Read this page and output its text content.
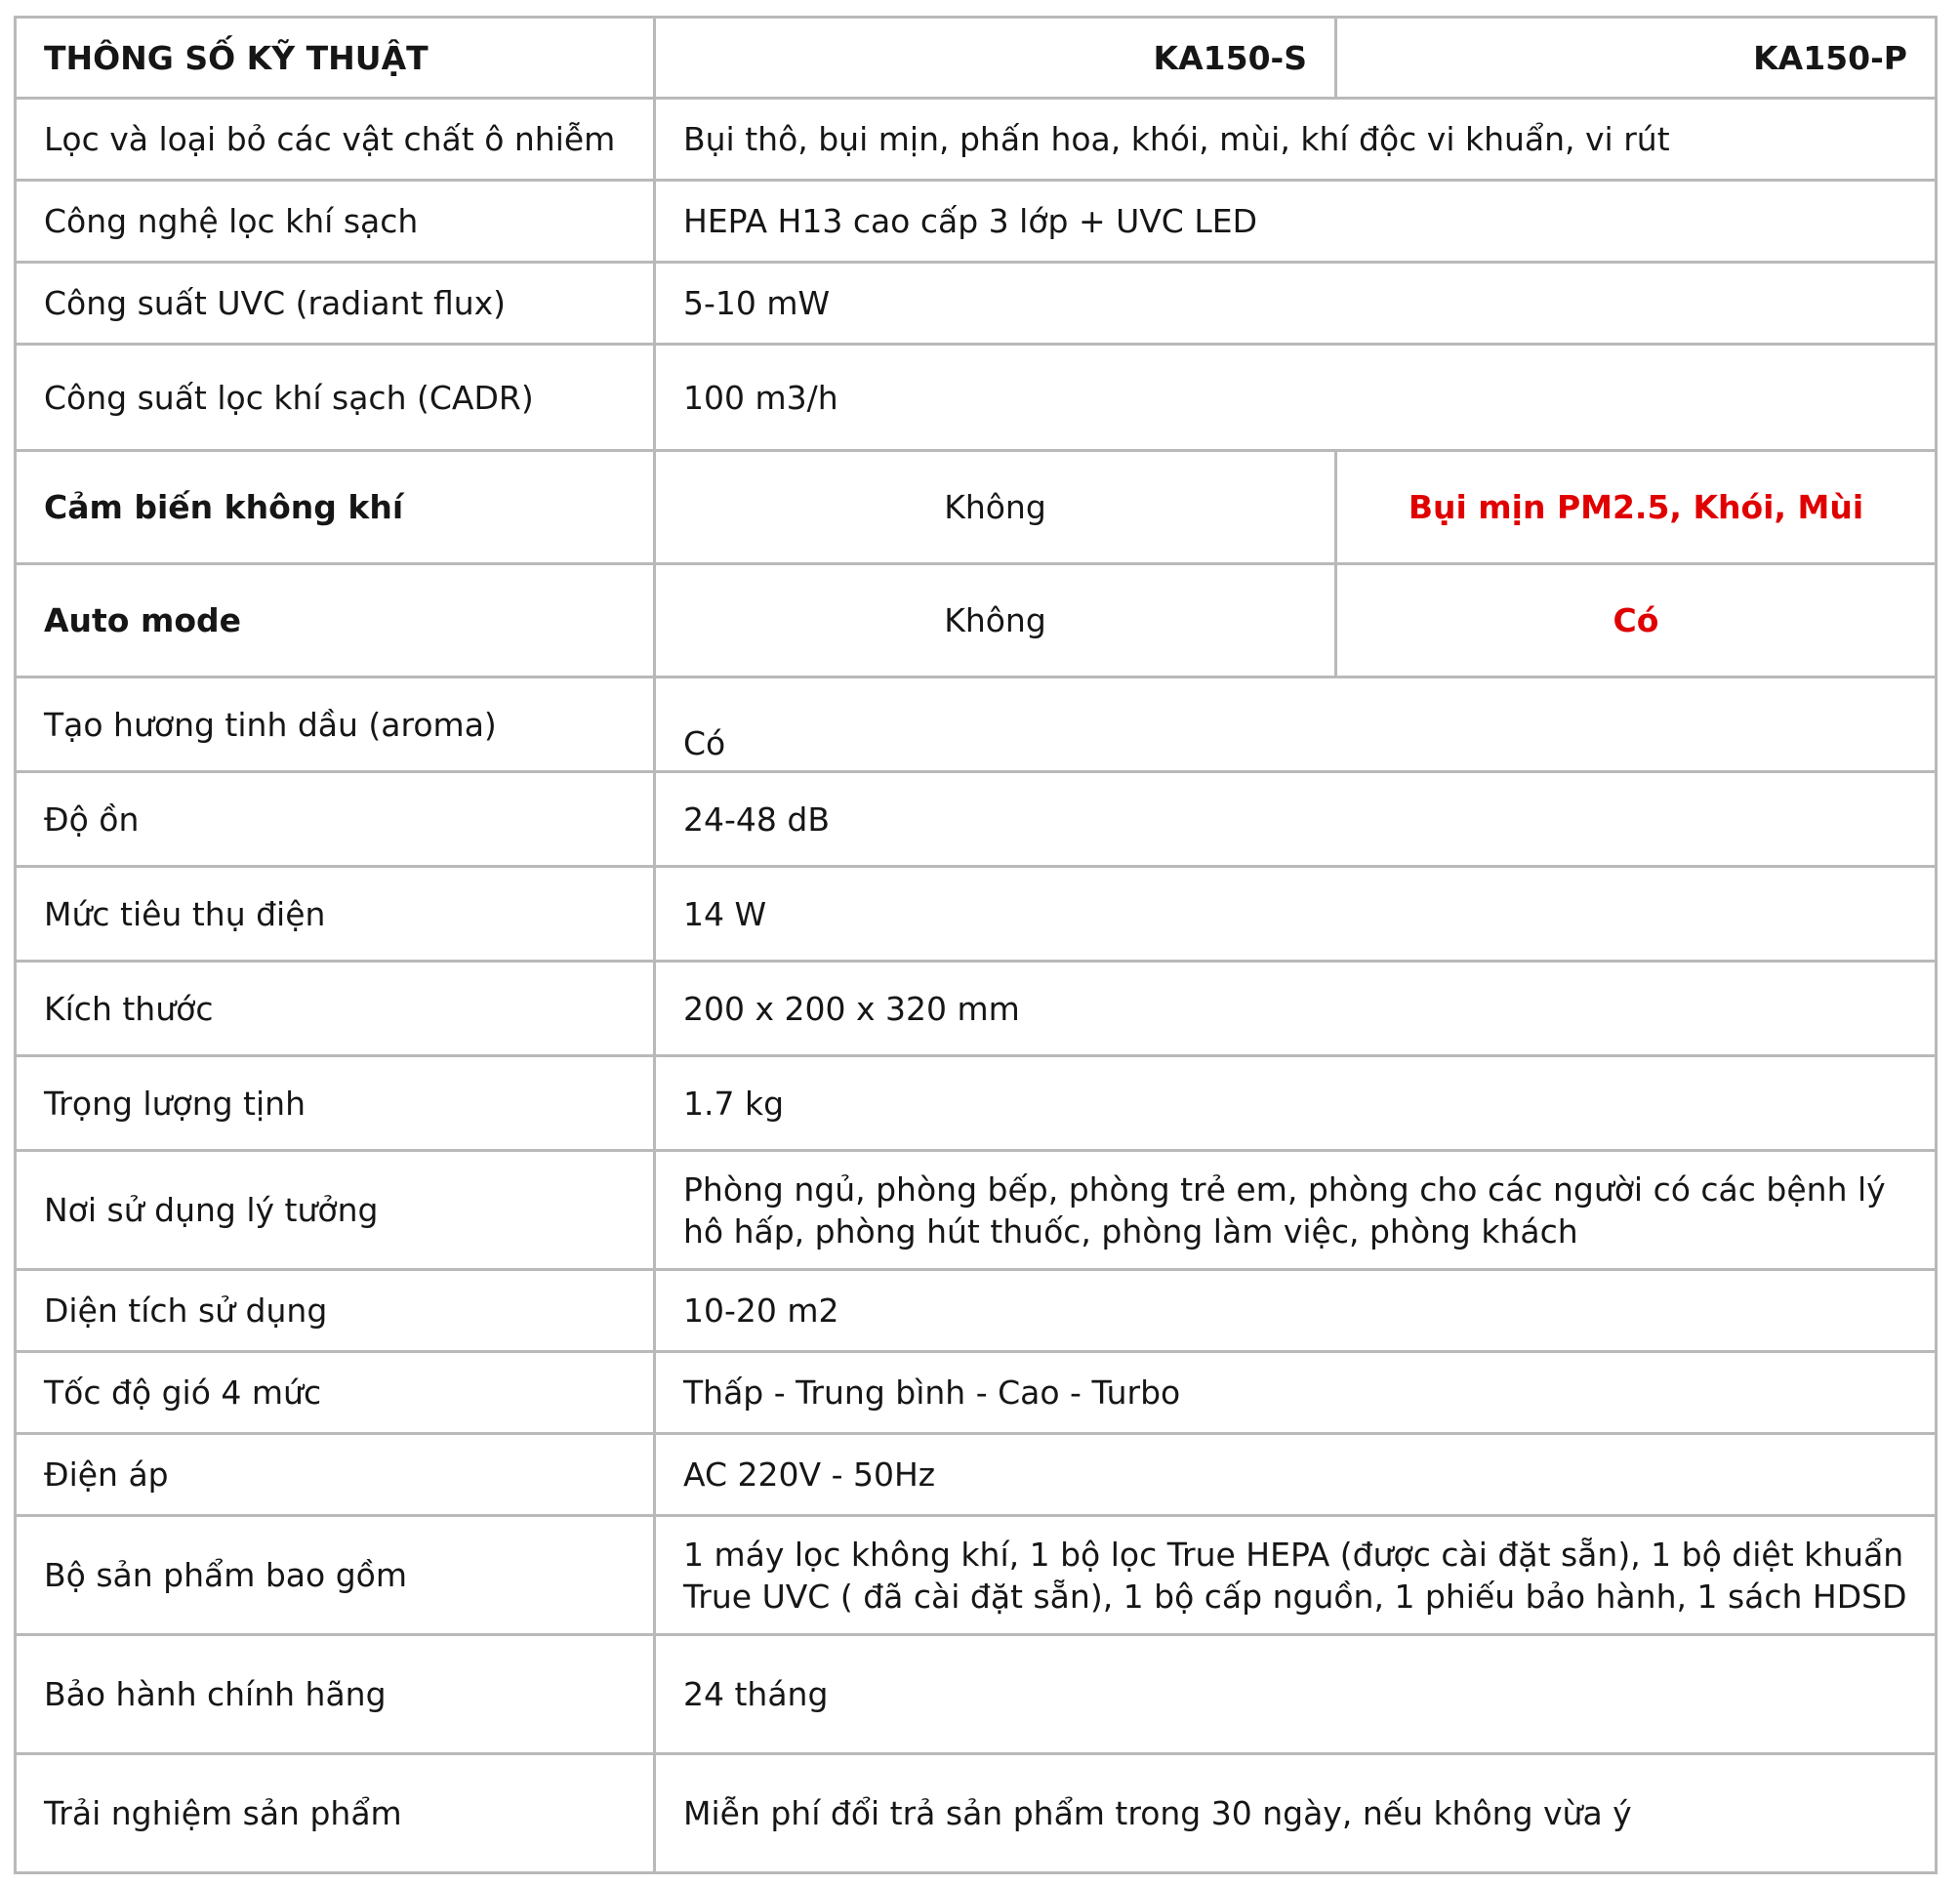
THÔNG SỐ KỸ THUẬT	KA150-S	KA150-P
Lọc và loại bỏ các vật chất ô nhiễm	Bụi thô, bụi mịn, phấn hoa, khói, mùi, khí độc vi khuẩn, vi rút	
Công nghệ lọc khí sạch	HEPA H13 cao cấp 3 lớp + UVC LED	
Công suất UVC (radiant flux)	5-10 mW	
Công suất lọc khí sạch (CADR)	100 m3/h	
Cảm biến không khí	Không	Bụi mịn PM2.5, Khói, Mùi
Auto mode	Không	Có
Tạo hương tinh dầu (aroma)	Có	
Độ ồn	24-48 dB	
Mức tiêu thụ điện	14 W	
Kích thước	200 x 200 x 320 mm	
Trọng lượng tịnh	1.7 kg	
Nơi sử dụng lý tưởng	Phòng ngủ, phòng bếp, phòng trẻ em, phòng cho các người có các bệnh lý hô hấp, phòng hút thuốc, phòng làm việc, phòng khách	
Diện tích sử dụng	10-20 m2	
Tốc độ gió 4 mức	Thấp - Trung bình - Cao - Turbo	
Điện áp	AC 220V - 50Hz	
Bộ sản phẩm bao gồm	1 máy lọc không khí, 1 bộ lọc True HEPA (được cài đặt sẵn), 1 bộ diệt khuẩn True UVC ( đã cài đặt sẵn), 1 bộ cấp nguồn, 1 phiếu bảo hành, 1 sách HDSD	
Bảo hành chính hãng	24 tháng	
Trải nghiệm sản phẩm	Miễn phí đổi trả sản phẩm trong 30 ngày, nếu không vừa ý	
